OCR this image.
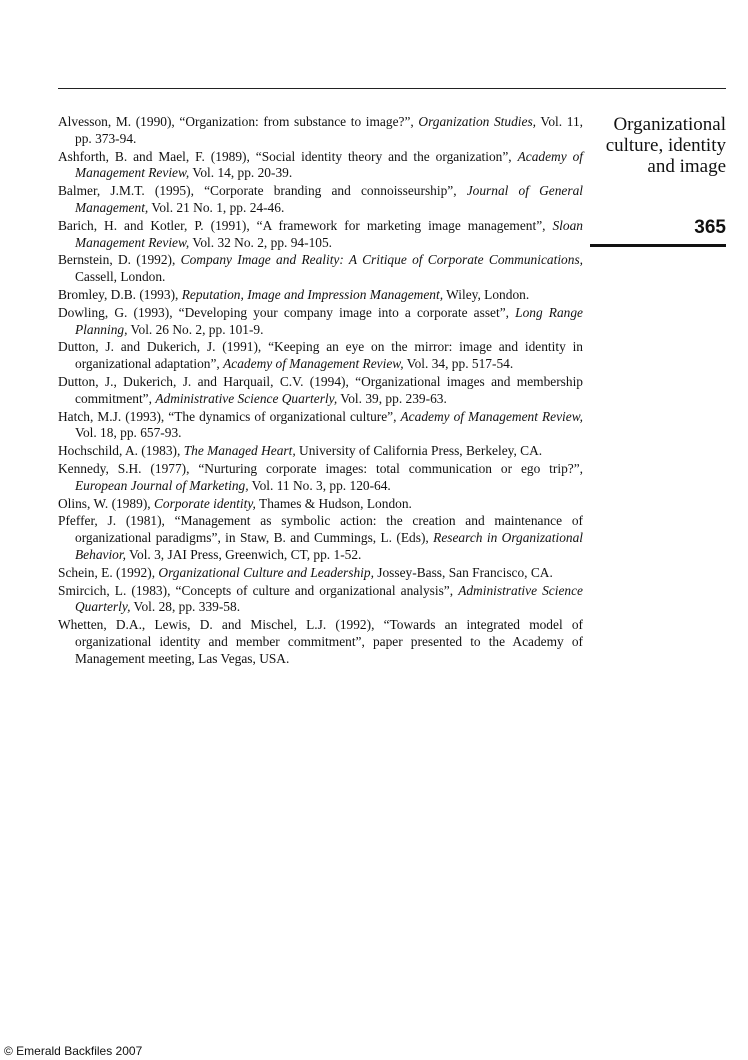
Alvesson, M. (1990), “Organization: from substance to image?”, Organization Studies, Vol. 11, pp. 373-94.

Ashforth, B. and Mael, F. (1989), “Social identity theory and the organization”, Academy of Management Review, Vol. 14, pp. 20-39.

Balmer, J.M.T. (1995), “Corporate branding and connoisseurship”, Journal of General Management, Vol. 21 No. 1, pp. 24-46.

Barich, H. and Kotler, P. (1991), “A framework for marketing image management”, Sloan Management Review, Vol. 32 No. 2, pp. 94-105.

Bernstein, D. (1992), Company Image and Reality: A Critique of Corporate Communications, Cassell, London.

Bromley, D.B. (1993), Reputation, Image and Impression Management, Wiley, London.

Dowling, G. (1993), “Developing your company image into a corporate asset”, Long Range Planning, Vol. 26 No. 2, pp. 101-9.

Dutton, J. and Dukerich, J. (1991), “Keeping an eye on the mirror: image and identity in organizational adaptation”, Academy of Management Review, Vol. 34, pp. 517-54.

Dutton, J., Dukerich, J. and Harquail, C.V. (1994), “Organizational images and membership commitment”, Administrative Science Quarterly, Vol. 39, pp. 239-63.

Hatch, M.J. (1993), “The dynamics of organizational culture”, Academy of Management Review, Vol. 18, pp. 657-93.

Hochschild, A. (1983), The Managed Heart, University of California Press, Berkeley, CA.

Kennedy, S.H. (1977), “Nurturing corporate images: total communication or ego trip?”, European Journal of Marketing, Vol. 11 No. 3, pp. 120-64.

Olins, W. (1989), Corporate identity, Thames & Hudson, London.

Pfeffer, J. (1981), “Management as symbolic action: the creation and maintenance of organizational paradigms”, in Staw, B. and Cummings, L. (Eds), Research in Organizational Behavior, Vol. 3, JAI Press, Greenwich, CT, pp. 1-52.

Schein, E. (1992), Organizational Culture and Leadership, Jossey-Bass, San Francisco, CA.

Smircich, L. (1983), “Concepts of culture and organizational analysis”, Administrative Science Quarterly, Vol. 28, pp. 339-58.

Whetten, D.A., Lewis, D. and Mischel, L.J. (1992), “Towards an integrated model of organizational identity and member commitment”, paper presented to the Academy of Management meeting, Las Vegas, USA.

Organizational
culture, identity
and image
365
© Emerald Backfiles 2007
